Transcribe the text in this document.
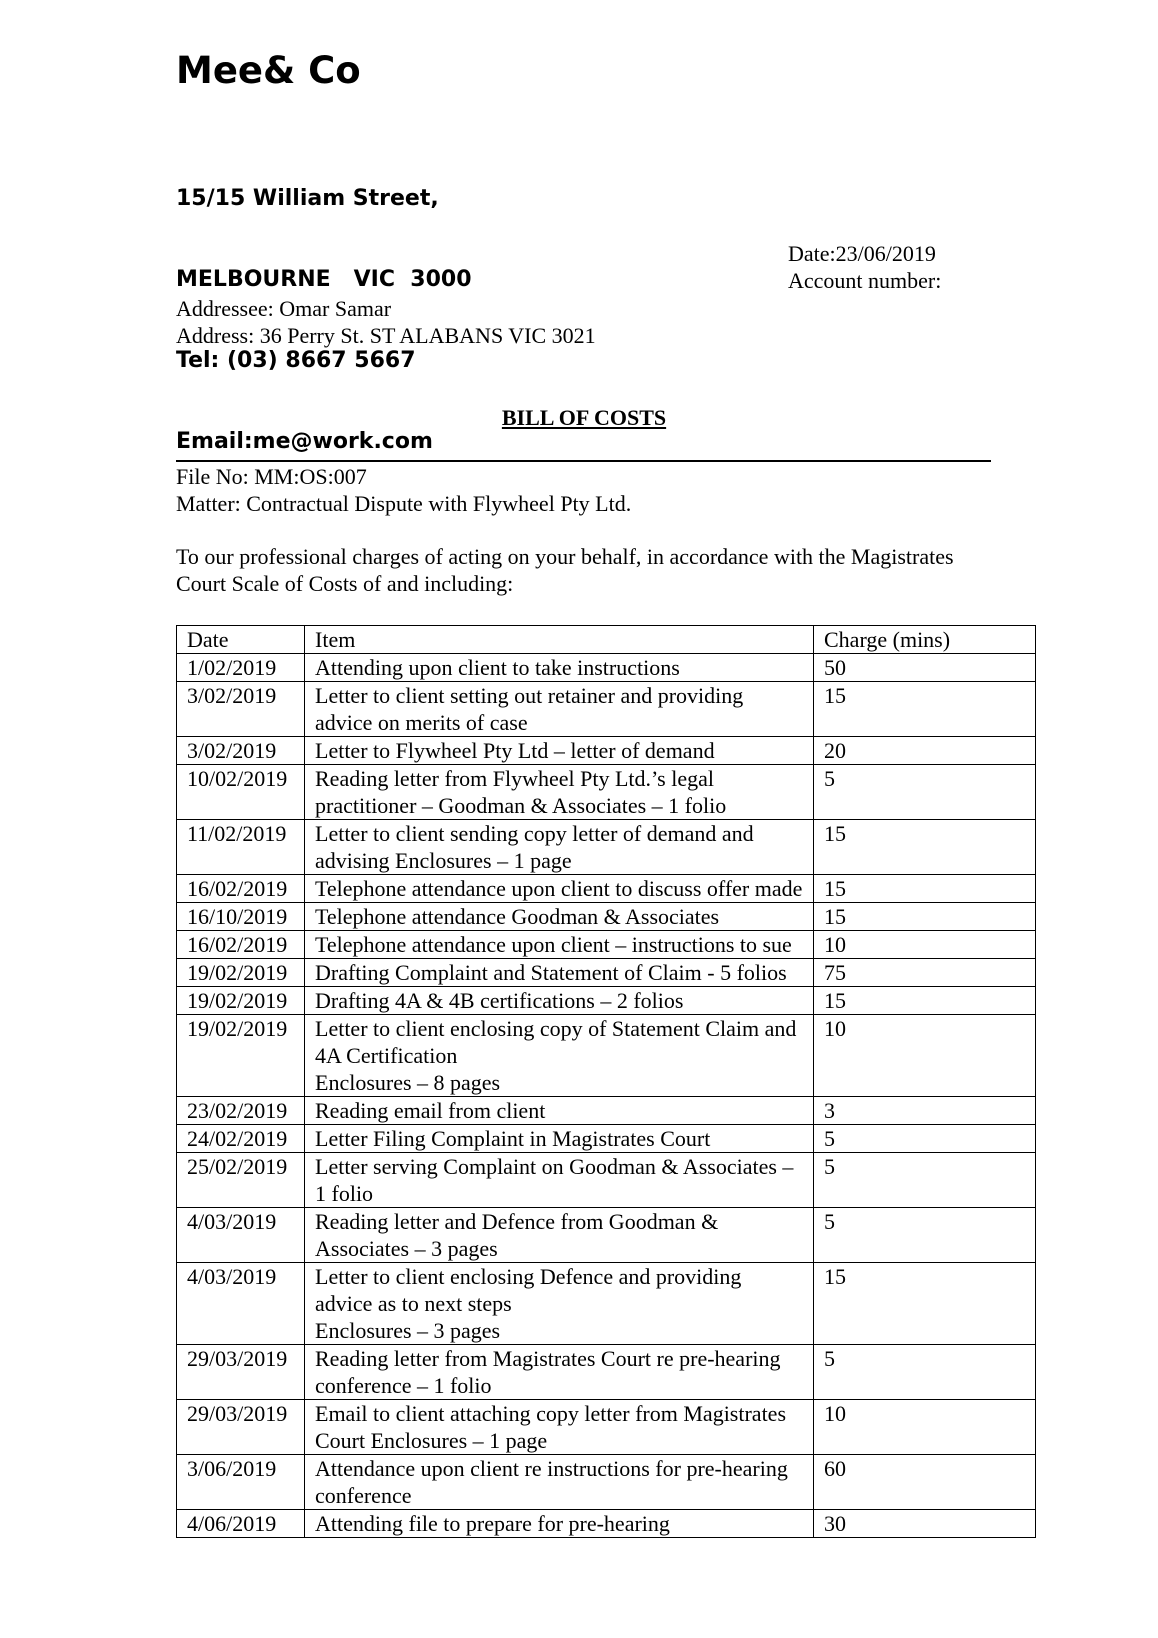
Mee& Co

15/15 William Street,

MELBOURNE   VIC  3000

Tel: (03) 8667 5667

Email:me@work.com

Date:23/06/2019
Account number:
Addressee: Omar Samar
Address: 36 Perry St. ST ALABANS VIC 3021
BILL OF COSTS
File No: MM:OS:007
Matter: Contractual Dispute with Flywheel Pty Ltd.
To our professional charges of acting on your behalf, in accordance with the Magistrates Court Scale of Costs of and including:
Date	Item	Charge (mins)
1/02/2019	Attending upon client to take instructions	50
3/02/2019	Letter to client setting out retainer and providing advice on merits of case	15
3/02/2019	Letter to Flywheel Pty Ltd – letter of demand	20
10/02/2019	Reading letter from Flywheel Pty Ltd.’s legal practitioner – Goodman & Associates – 1 folio	5
11/02/2019	Letter to client sending copy letter of demand and advising Enclosures – 1 page	15
16/02/2019	Telephone attendance upon client to discuss offer made	15
16/10/2019	Telephone attendance Goodman & Associates	15
16/02/2019	Telephone attendance upon client – instructions to sue	10
19/02/2019	Drafting Complaint and Statement of Claim - 5 folios	75
19/02/2019	Drafting 4A & 4B certifications – 2 folios	15
19/02/2019	Letter to client enclosing copy of Statement Claim and 4A Certification
Enclosures – 8 pages	10
23/02/2019	Reading email from client	3
24/02/2019	Letter Filing Complaint in Magistrates Court	5
25/02/2019	Letter serving Complaint on Goodman & Associates – 1 folio	5
4/03/2019	Reading letter and Defence from Goodman & Associates – 3 pages	5
4/03/2019	Letter to client enclosing Defence and providing advice as to next steps
Enclosures – 3 pages	15
29/03/2019	Reading letter from Magistrates Court re pre-hearing conference – 1 folio	5
29/03/2019	Email to client attaching copy letter from Magistrates Court Enclosures – 1 page	10
3/06/2019	Attendance upon client re instructions for pre-hearing conference	60
4/06/2019	Attending file to prepare for pre-hearing	30
